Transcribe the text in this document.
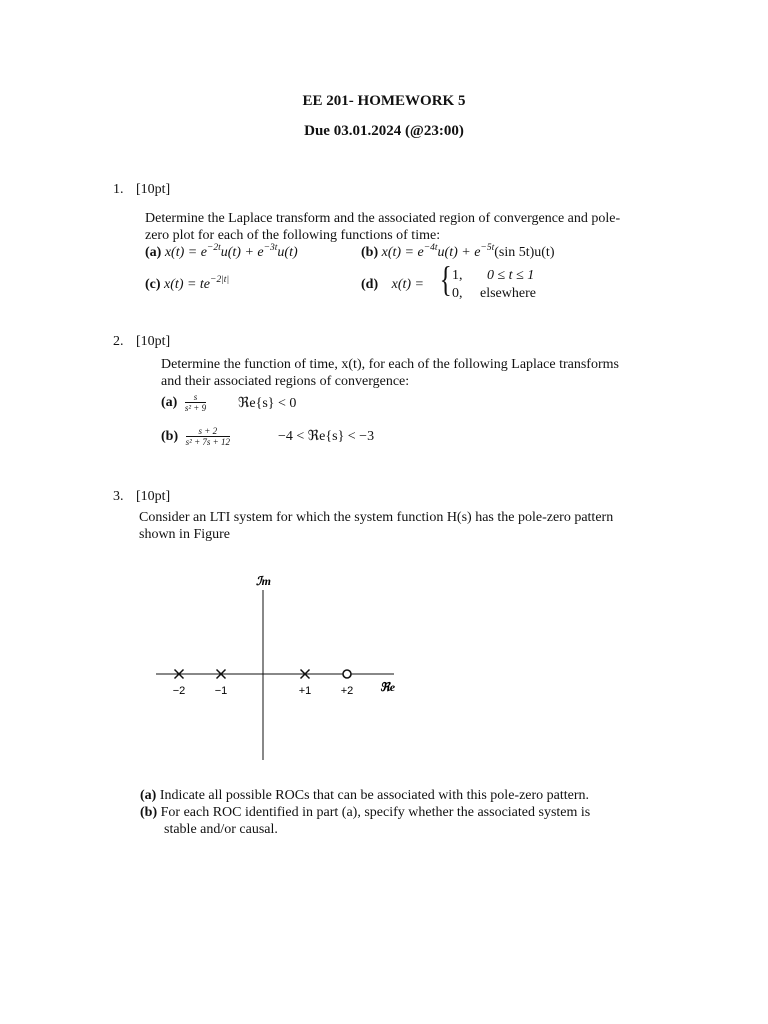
EE 201- HOMEWORK 5
Due 03.01.2024 (@23:00)
1. [10pt]
Determine the Laplace transform and the associated region of convergence and pole-
zero plot for each of the following functions of time:
(a) $x(t) = e^{-2t}u(t) + e^{-3t}u(t)$	(b) $x(t) = e^{-4t}u(t) + e^{-5t}(\sin$ 5t)u(t)
(c) $x(t) = te^{-2|t|}$	(d) x(t) = { 1, 0 ≤ t ≤ 1
0, elsewhere
2. [10pt]
Determine the function of time, x(t), for each of the following Laplace transforms
and their associated regions of convergence:
$(a) \frac{s}{\text{s² + 9}}$ ℜe{s} < 0
$(b) \frac{s + 2}{\text{s² + 7s + 12}}$	−4 < ℜe{s} < −3
3. [10pt]
Consider an LTI system for which the system function H(s) has the pole-zero pattern
shown in Figure
ℐm
ℜe
−2	−1	+1	+2
(a) Indicate all possible ROCs that can be associated with this pole-zero pattern.
(b) For each ROC identified in part (a), specify whether the associated system is
stable and/or causal.
